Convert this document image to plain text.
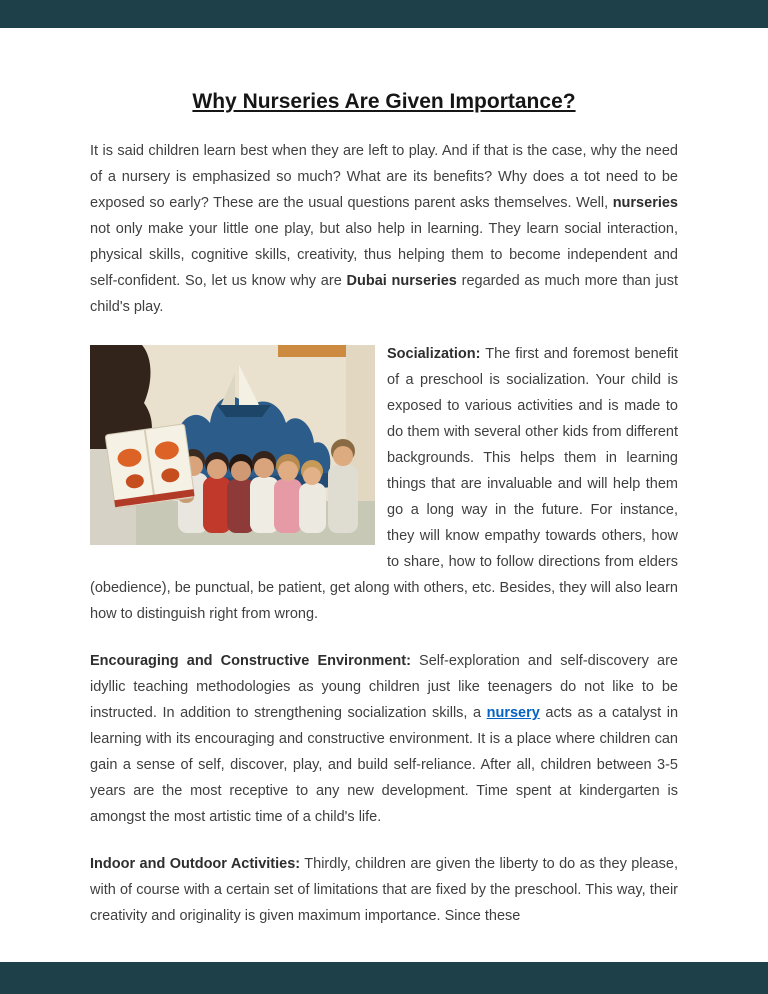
Why Nurseries Are Given Importance?

It is said children learn best when they are left to play. And if that is the case, why the need of a nursery is emphasized so much? What are its benefits? Why does a tot need to be exposed so early? These are the usual questions parent asks themselves. Well, nurseries not only make your little one play, but also help in learning. They learn social interaction, physical skills, cognitive skills, creativity, thus helping them to become independent and self-confident. So, let us know why are Dubai nurseries regarded as much more than just child's play.

Socialization: The first and foremost benefit of a preschool is socialization. Your child is exposed to various activities and is made to do them with several other kids from different backgrounds. This helps them in learning things that are invaluable and will help them go a long way in the future. For instance, they will know empathy towards others, how to share, how to follow directions from elders (obedience), be punctual, be patient, get along with others, etc. Besides, they will also learn how to distinguish right from wrong.

Encouraging and Constructive Environment: Self-exploration and self-discovery are idyllic teaching methodologies as young children just like teenagers do not like to be instructed. In addition to strengthening socialization skills, a nursery acts as a catalyst in learning with its encouraging and constructive environment. It is a place where children can gain a sense of self, discover, play, and build self-reliance. After all, children between 3-5 years are the most receptive to any new development. Time spent at kindergarten is amongst the most artistic time of a child's life.

Indoor and Outdoor Activities: Thirdly, children are given the liberty to do as they please, with of course with a certain set of limitations that are fixed by the preschool. This way, their creativity and originality is given maximum importance. Since these
